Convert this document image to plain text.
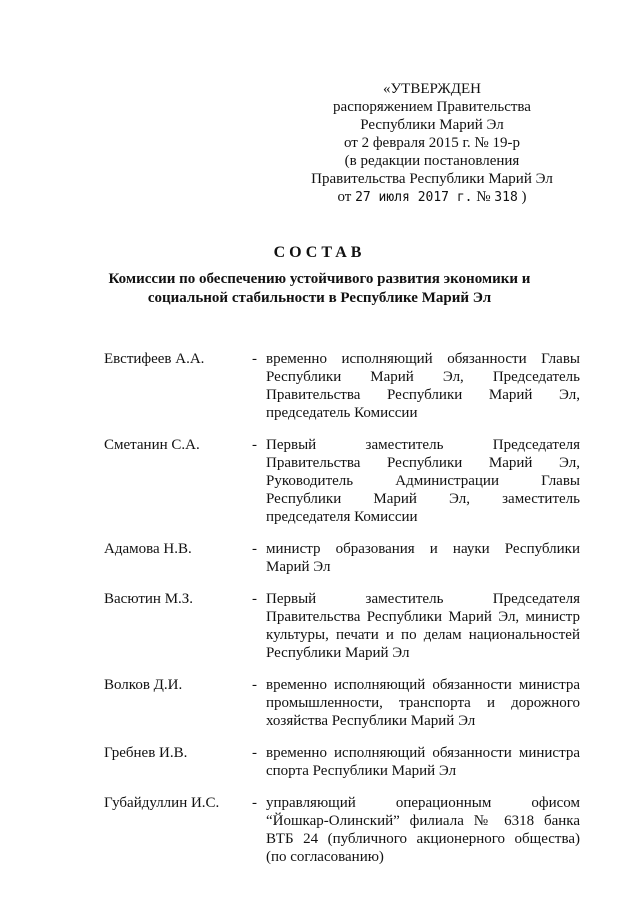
«УТВЕРЖДЕН
распоряжением Правительства
Республики Марий Эл
от 2 февраля 2015 г. № 19-р
(в редакции постановления
Правительства Республики Марий Эл
от 27 июля 2017 г. № 318 )
СОСТАВ
Комиссии по обеспечению устойчивого развития экономики и
социальной стабильности в Республике Марий Эл
Евстифеев А.А.	- временно исполняющий обязанности Главы
Республики Марий Эл, Председатель
Правительства Республики Марий Эл,
председатель Комиссии
Сметанин С.А.	- Первый заместитель Председателя
Правительства Республики Марий Эл,
Руководитель Администрации Главы
Республики Марий Эл, заместитель
председателя Комиссии
Адамова Н.В.	- министр образования и науки Республики
Марий Эл
Васютин М.З.	- Первый заместитель Председателя
Правительства Республики Марий Эл, министр
культуры, печати и по делам национальностей
Республики Марий Эл
Волков Д.И.	- временно исполняющий обязанности министра
промышленности, транспорта и дорожного
хозяйства Республики Марий Эл
Гребнев И.В.	- временно исполняющий обязанности министра
спорта Республики Марий Эл
Губайдуллин И.С.	- управляющий операционным офисом
“Йошкар-Олинский” филиала № 6318 банка
ВТБ 24 (публичного акционерного общества)
(по согласованию)
